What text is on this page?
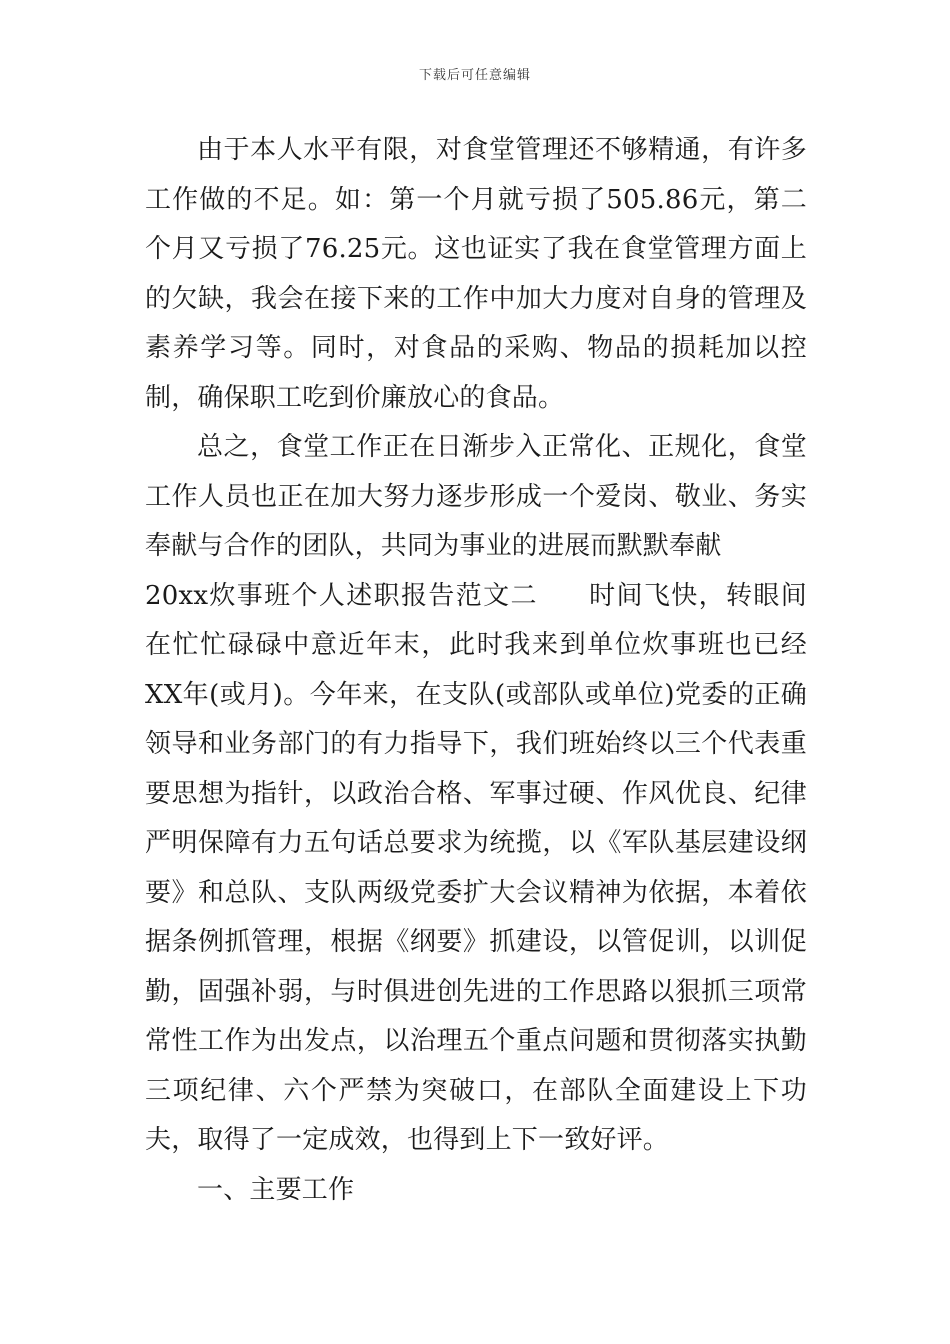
下载后可任意编辑

由于本人水平有限，对食堂管理还不够精通，有许多工作做的不足。如：第一个月就亏损了505.86元，第二个月又亏损了76.25元。这也证实了我在食堂管理方面上的欠缺，我会在接下来的工作中加大力度对自身的管理及素养学习等。同时，对食品的采购、物品的损耗加以控制，确保职工吃到价廉放心的食品。

总之，食堂工作正在日渐步入正常化、正规化，食堂工作人员也正在加大努力逐步形成一个爱岗、敬业、务实奉献与合作的团队，共同为事业的进展而默默奉献

20xx炊事班个人述职报告范文二 时间飞快，转眼间在忙忙碌碌中意近年末，此时我来到单位炊事班也已经XX年(或月)。今年来，在支队(或部队或单位)党委的正确领导和业务部门的有力指导下，我们班始终以三个代表重要思想为指针，以政治合格、军事过硬、作风优良、纪律严明保障有力五句话总要求为统揽，以《军队基层建设纲要》和总队、支队两级党委扩大会议精神为依据，本着依据条例抓管理，根据《纲要》抓建设，以管促训，以训促勤，固强补弱，与时俱进创先进的工作思路以狠抓三项常常性工作为出发点，以治理五个重点问题和贯彻落实执勤三项纪律、六个严禁为突破口，在部队全面建设上下功夫，取得了一定成效，也得到上下一致好评。

一、主要工作
